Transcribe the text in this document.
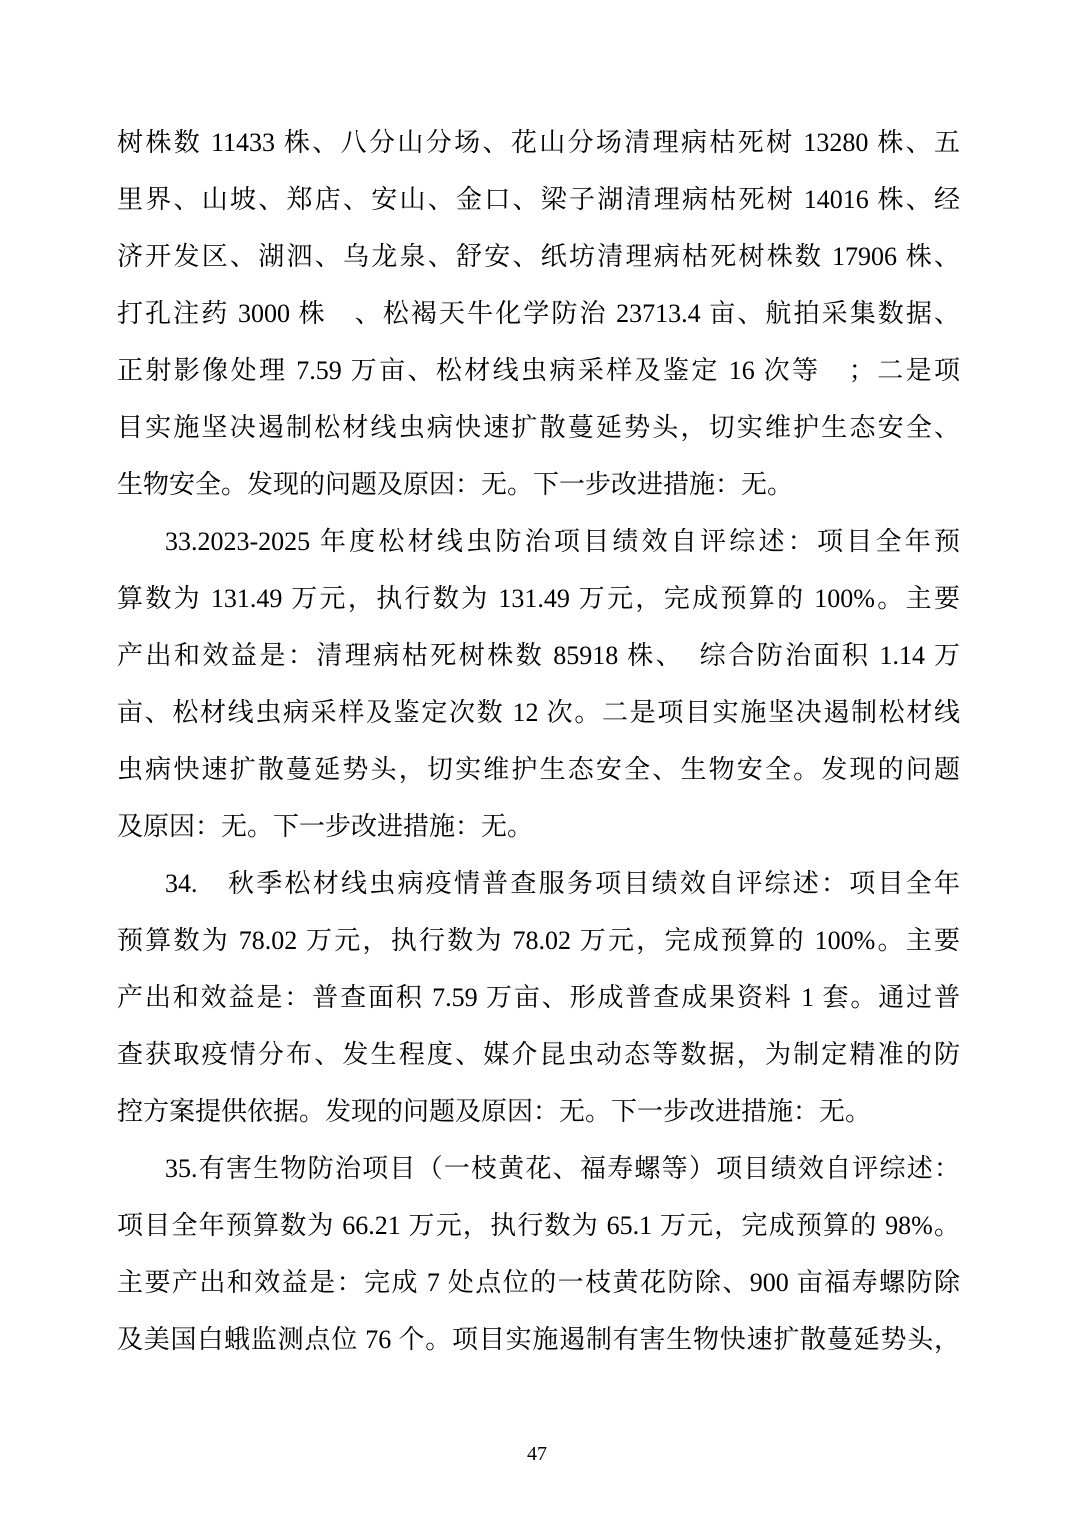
树株数 11433 株、八分山分场、花山分场清理病枯死树 13280 株、五
里界、山坡、郑店、安山、金口、梁子湖清理病枯死树 14016 株、经
济开发区、湖泗、乌龙泉、舒安、纸坊清理病枯死树株数 17906 株、
打孔注药 3000 株　、松褐天牛化学防治 23713.4 亩、航拍采集数据、
正射影像处理 7.59 万亩、松材线虫病采样及鉴定 16 次等　；二是项
目实施坚决遏制松材线虫病快速扩散蔓延势头，切实维护生态安全、
生物安全。发现的问题及原因：无。下一步改进措施：无。

33.2023-2025 年度松材线虫防治项目绩效自评综述：项目全年预
算数为 131.49 万元，执行数为 131.49 万元，完成预算的 100%。主要
产出和效益是：清理病枯死树株数 85918 株、　综合防治面积 1.14 万
亩、松材线虫病采样及鉴定次数 12 次。二是项目实施坚决遏制松材线
虫病快速扩散蔓延势头，切实维护生态安全、生物安全。发现的问题
及原因：无。下一步改进措施：无。

34.　秋季松材线虫病疫情普查服务项目绩效自评综述：项目全年
预算数为 78.02 万元，执行数为 78.02 万元，完成预算的 100%。主要
产出和效益是：普查面积 7.59 万亩、形成普查成果资料 1 套。通过普
查获取疫情分布、发生程度、媒介昆虫动态等数据，为制定精准的防
控方案提供依据。发现的问题及原因：无。下一步改进措施：无。

35.有害生物防治项目（一枝黄花、福寿螺等）项目绩效自评综述：
项目全年预算数为 66.21 万元，执行数为 65.1 万元，完成预算的 98%。
主要产出和效益是：完成 7 处点位的一枝黄花防除、900 亩福寿螺防除
及美国白蛾监测点位 76 个。项目实施遏制有害生物快速扩散蔓延势头，

47
